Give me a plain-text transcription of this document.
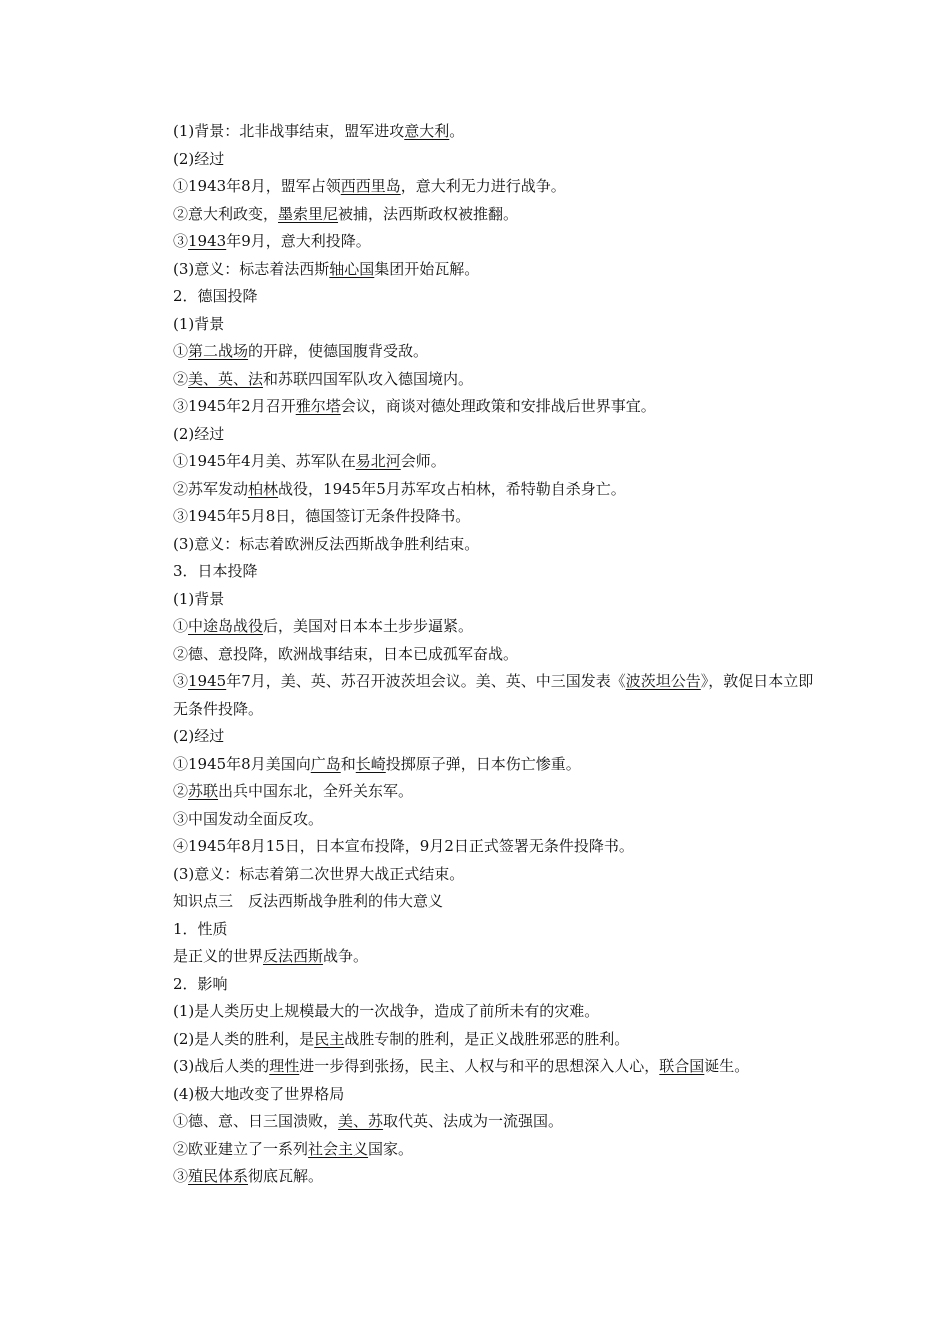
(1)背景：北非战事结束，盟军进攻意大利。
(2)经过
①1943年8月，盟军占领西西里岛，意大利无力进行战争。
②意大利政变，墨索里尼被捕，法西斯政权被推翻。
③1943年9月，意大利投降。
(3)意义：标志着法西斯轴心国集团开始瓦解。
2．德国投降
(1)背景
①第二战场的开辟，使德国腹背受敌。
②美、英、法和苏联四国军队攻入德国境内。
③1945年2月召开雅尔塔会议，商谈对德处理政策和安排战后世界事宜。
(2)经过
①1945年4月美、苏军队在易北河会师。
②苏军发动柏林战役，1945年5月苏军攻占柏林，希特勒自杀身亡。
③1945年5月8日，德国签订无条件投降书。
(3)意义：标志着欧洲反法西斯战争胜利结束。
3．日本投降
(1)背景
①中途岛战役后，美国对日本本土步步逼紧。
②德、意投降，欧洲战事结束，日本已成孤军奋战。
③1945年7月，美、英、苏召开波茨坦会议。美、英、中三国发表《波茨坦公告》，敦促日本立即无条件投降。
(2)经过
①1945年8月美国向广岛和长崎投掷原子弹，日本伤亡惨重。
②苏联出兵中国东北，全歼关东军。
③中国发动全面反攻。
④1945年8月15日，日本宣布投降，9月2日正式签署无条件投降书。
(3)意义：标志着第二次世界大战正式结束。
知识点三　反法西斯战争胜利的伟大意义
1．性质
是正义的世界反法西斯战争。
2．影响
(1)是人类历史上规模最大的一次战争，造成了前所未有的灾难。
(2)是人类的胜利，是民主战胜专制的胜利，是正义战胜邪恶的胜利。
(3)战后人类的理性进一步得到张扬，民主、人权与和平的思想深入人心，联合国诞生。
(4)极大地改变了世界格局
①德、意、日三国溃败，美、苏取代英、法成为一流强国。
②欧亚建立了一系列社会主义国家。
③殖民体系彻底瓦解。
